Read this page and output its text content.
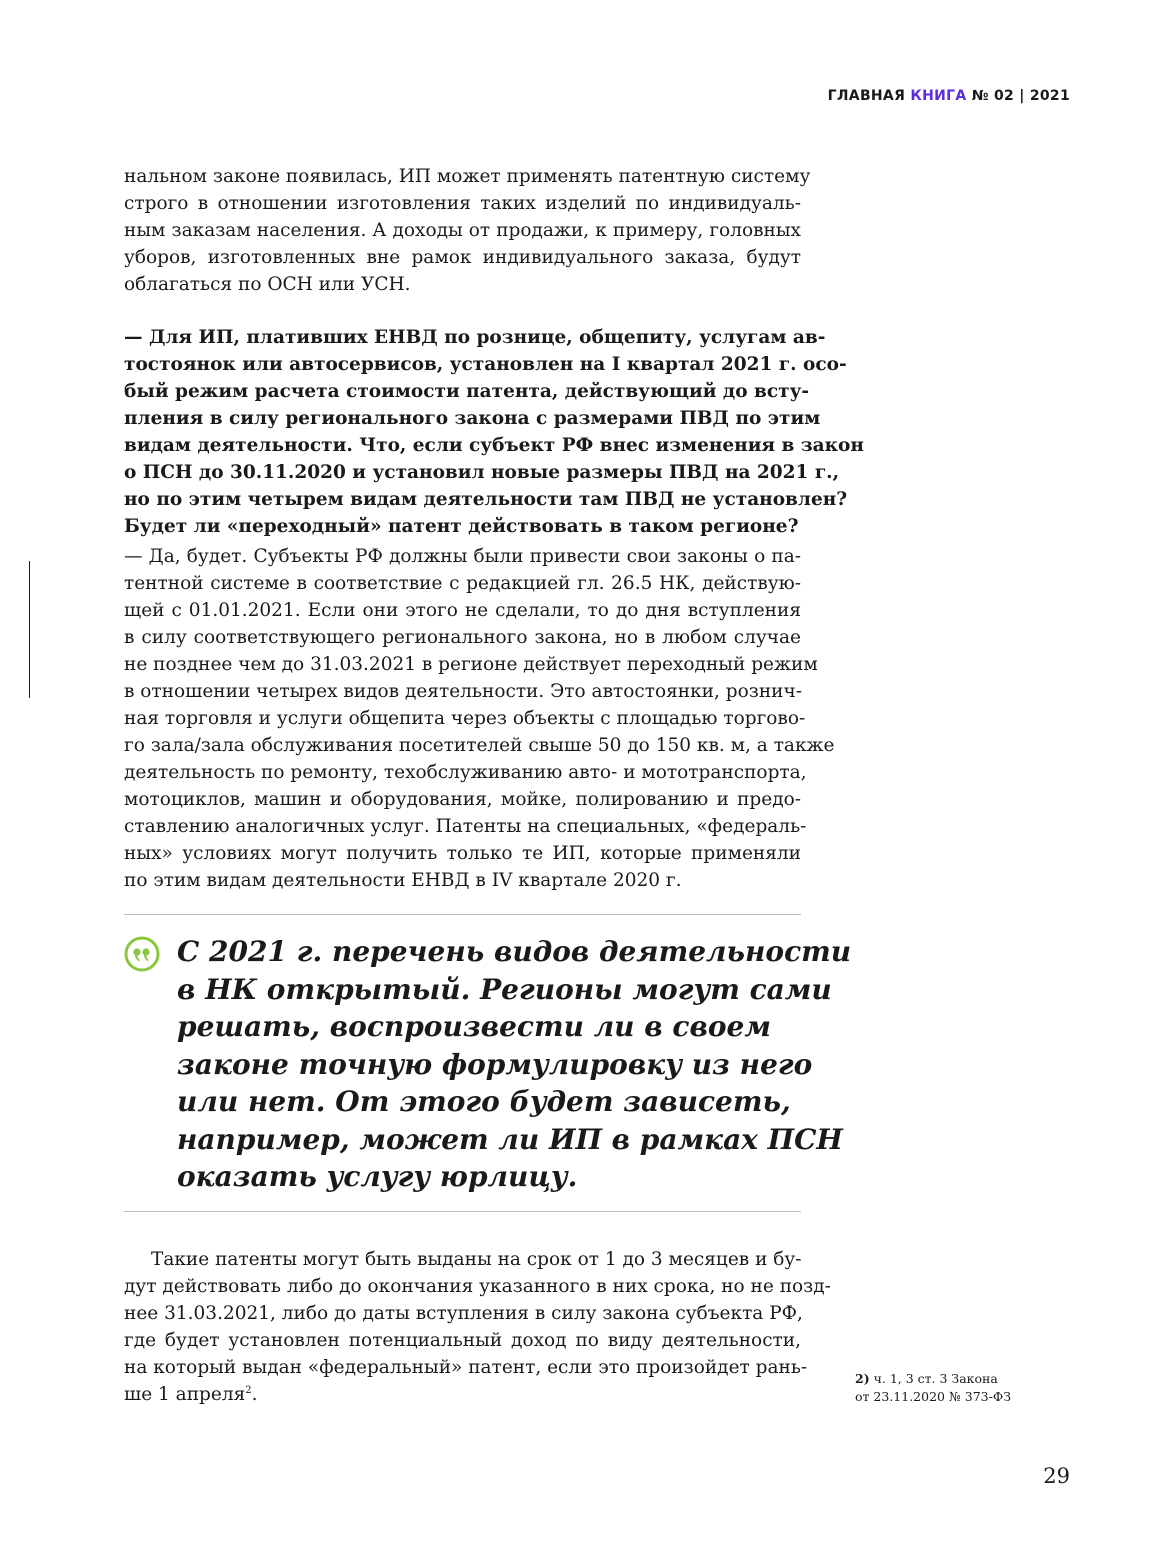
ГЛАВНАЯ КНИГА № 02 | 2021
нальном законе появилась, ИП может применять патентную систему
строго в отношении изготовления таких изделий по индивидуаль-
ным заказам населения. А доходы от продажи, к примеру, головных
уборов, изготовленных вне рамок индивидуального заказа, будут
облагаться по ОСН или УСН.
— Для ИП, плативших ЕНВД по рознице, общепиту, услугам ав-
тостоянок или автосервисов, установлен на I квартал 2021 г. осо-
бый режим расчета стоимости патента, действующий до всту-
пления в силу регионального закона с размерами ПВД по этим
видам деятельности. Что, если субъект РФ внес изменения в закон
о ПСН до 30.11.2020 и установил новые размеры ПВД на 2021 г.,
но по этим четырем видам деятельности там ПВД не установлен?
Будет ли «переходный» патент действовать в таком регионе?
— Да, будет. Субъекты РФ должны были привести свои законы о па-
тентной системе в соответствие с редакцией гл. 26.5 НК, действую-
щей с 01.01.2021. Если они этого не сделали, то до дня вступления
в силу соответствующего регионального закона, но в любом случае
не позднее чем до 31.03.2021 в регионе действует переходный режим
в отношении четырех видов деятельности. Это автостоянки, рознич-
ная торговля и услуги общепита через объекты с площадью торгово-
го зала/зала обслуживания посетителей свыше 50 до 150 кв. м, а также
деятельность по ремонту, техобслуживанию авто- и мототранспорта,
мотоциклов, машин и оборудования, мойке, полированию и предо-
ставлению аналогичных услуг. Патенты на специальных, «федераль-
ных» условиях могут получить только те ИП, которые применяли
по этим видам деятельности ЕНВД в IV квартале 2020 г.
С 2021 г. перечень видов деятельности
в НК открытый. Регионы могут сами
решать, воспроизвести ли в своем
законе точную формулировку из него
или нет. От этого будет зависеть,
например, может ли ИП в рамках ПСН
оказать услугу юрлицу.
Такие патенты могут быть выданы на срок от 1 до 3 месяцев и бу-
дут действовать либо до окончания указанного в них срока, но не позд-
нее 31.03.2021, либо до даты вступления в силу закона субъекта РФ,
где будет установлен потенциальный доход по виду деятельности,
на который выдан «федеральный» патент, если это произойдет рань-
ше 1 апреля$^2$.
2) ч. 1, 3 ст. 3 Закона
от 23.11.2020 № 373-ФЗ
29
